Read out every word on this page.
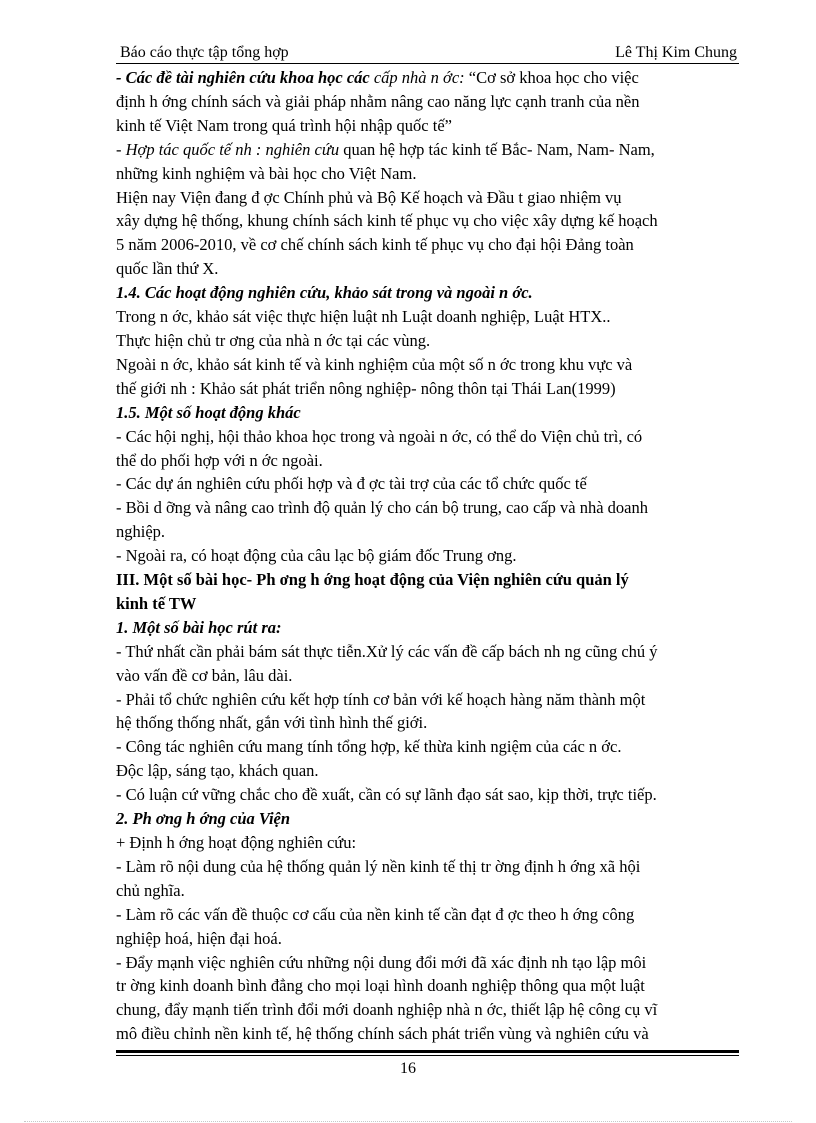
Báo cáo thực tập tổng hợp	Lê Thị Kim Chung
- Các đề tài nghiên cứu khoa học các cấp nhà n ớc: “Cơ sở khoa học cho việc
định h ớng chính sách và giải pháp nhằm nâng cao năng lực cạnh tranh của nền
kinh tế Việt Nam trong quá trình hội nhập quốc tế”
- Hợp tác quốc tế nh : nghiên cứu quan hệ hợp tác kinh tế Bắc- Nam, Nam- Nam,
những kinh nghiệm và bài học cho Việt Nam.
Hiện nay Viện đang đ ợc Chính phủ và Bộ Kế hoạch và Đầu t giao nhiệm vụ
xây dựng hệ thống, khung chính sách kinh tế phục vụ cho việc xây dựng kế hoạch
5 năm 2006-2010, về cơ chế chính sách kinh tế phục vụ cho đại hội Đảng toàn
quốc lần thứ X.
1.4. Các hoạt động nghiên cứu, khảo sát trong và ngoài n ớc.
Trong n ớc, khảo sát việc thực hiện luật nh Luật doanh nghiệp, Luật HTX..
Thực hiện chủ tr ơng của nhà n ớc tại các vùng.
Ngoài n ớc, khảo sát kinh tế và kinh nghiệm của một số n ớc trong khu vực và
thế giới nh : Khảo sát phát triển nông nghiệp- nông thôn tại Thái Lan(1999)
1.5. Một số hoạt động khác
- Các hội nghị, hội thảo khoa học trong và ngoài n ớc, có thể do Viện chủ trì, có
thể do phối hợp với n ớc ngoài.
- Các dự án nghiên cứu phối hợp và đ ợc tài trợ của các tổ chức quốc tế
- Bồi d ỡng và nâng cao trình độ quản lý cho cán bộ trung, cao cấp và nhà doanh
nghiệp.
- Ngoài ra, có hoạt động của câu lạc bộ giám đốc Trung ơng.
III. Một số bài học- Ph ơng h ớng hoạt động của Viện nghiên cứu quản lý
kinh tế TW
1. Một số bài học rút ra:
- Thứ nhất cần phải bám sát thực tiễn.Xử lý các vấn đề cấp bách nh ng cũng chú ý
vào vấn đề cơ bản, lâu dài.
- Phải tổ chức nghiên cứu kết hợp tính cơ bản với kế hoạch hàng năm thành một
hệ thống thống nhất, gắn với tình hình thế giới.
- Công tác nghiên cứu mang tính tổng hợp, kế thừa kinh ngiệm của các n ớc.
Độc lập, sáng tạo, khách quan.
- Có luận cứ vững chắc cho đề xuất, cần có sự lãnh đạo sát sao, kịp thời, trực tiếp.
2. Ph ơng h ớng của Viện
+ Định h ớng hoạt động nghiên cứu:
- Làm rõ nội dung của hệ thống quản lý nền kinh tế thị tr ờng định h ớng xã hội
chủ nghĩa.
- Làm rõ các vấn đề thuộc cơ cấu của nền kinh tế cần đạt đ ợc theo h ớng công
nghiệp hoá, hiện đại hoá.
- Đẩy mạnh việc nghiên cứu những nội dung đổi mới đã xác định nh tạo lập môi
tr ờng kinh doanh bình đẳng cho mọi loại hình doanh nghiệp thông qua một luật
chung, đẩy mạnh tiến trình đổi mới doanh nghiệp nhà n ớc, thiết lập hệ công cụ vĩ
mô điều chỉnh nền kinh tế, hệ thống chính sách phát triển vùng và nghiên cứu và
16
